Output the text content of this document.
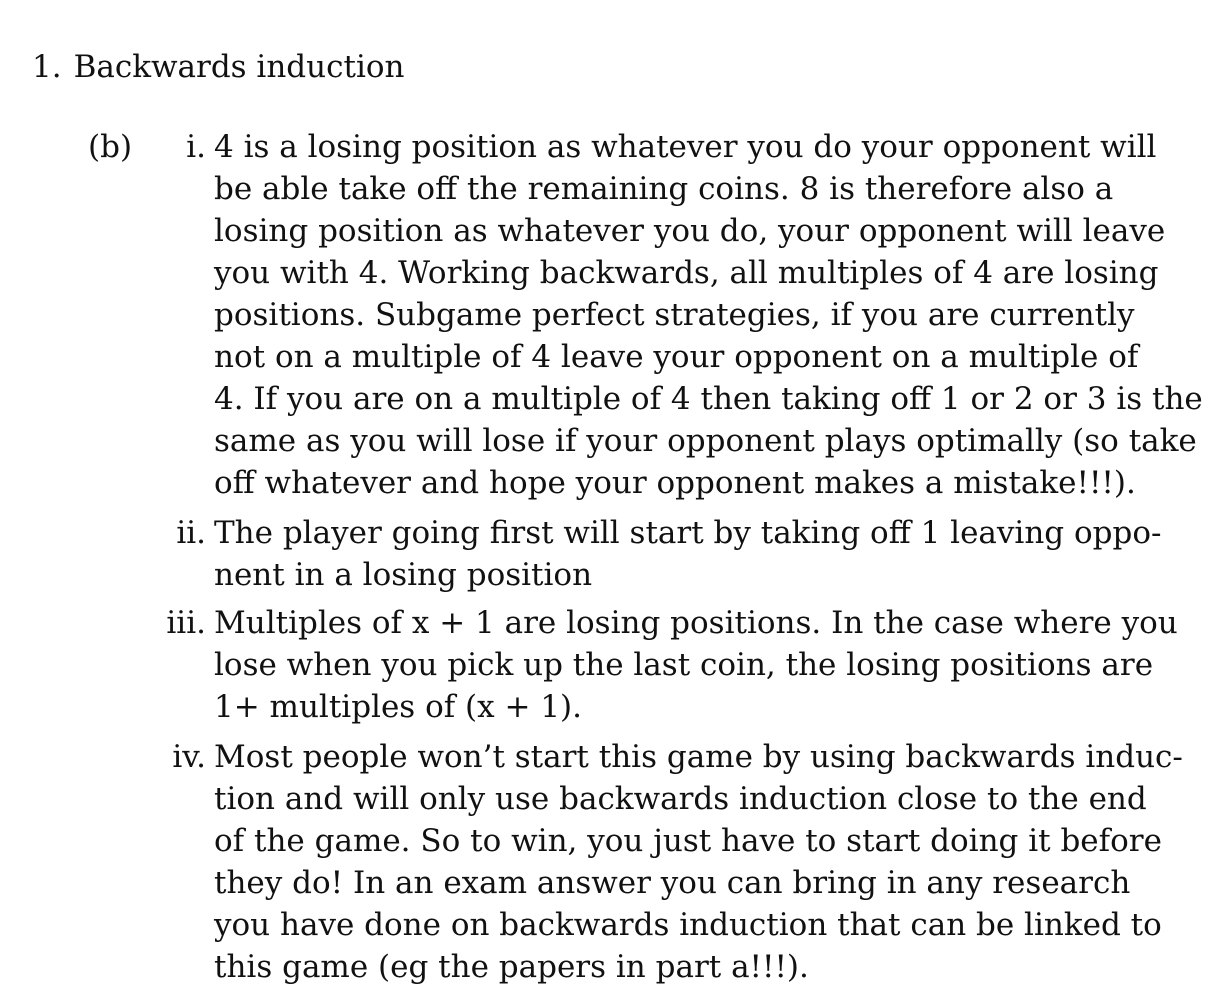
1. Backwards induction
(b)	i. 4 is a losing position as whatever you do your opponent will
be able take off the remaining coins. 8 is therefore also a
losing position as whatever you do, your opponent will leave
you with 4. Working backwards, all multiples of 4 are losing
positions. Subgame perfect strategies, if you are currently
not on a multiple of 4 leave your opponent on a multiple of
4. If you are on a multiple of 4 then taking off 1 or 2 or 3 is the
same as you will lose if your opponent plays optimally (so take
off whatever and hope your opponent makes a mistake!!!).
ii. The player going first will start by taking off 1 leaving oppo-
nent in a losing position
iii. Multiples of x + 1 are losing positions. In the case where you
lose when you pick up the last coin, the losing positions are
1+ multiples of (x + 1).
iv. Most people won’t start this game by using backwards induc-
tion and will only use backwards induction close to the end
of the game. So to win, you just have to start doing it before
they do! In an exam answer you can bring in any research
you have done on backwards induction that can be linked to
this game (eg the papers in part a!!!).
